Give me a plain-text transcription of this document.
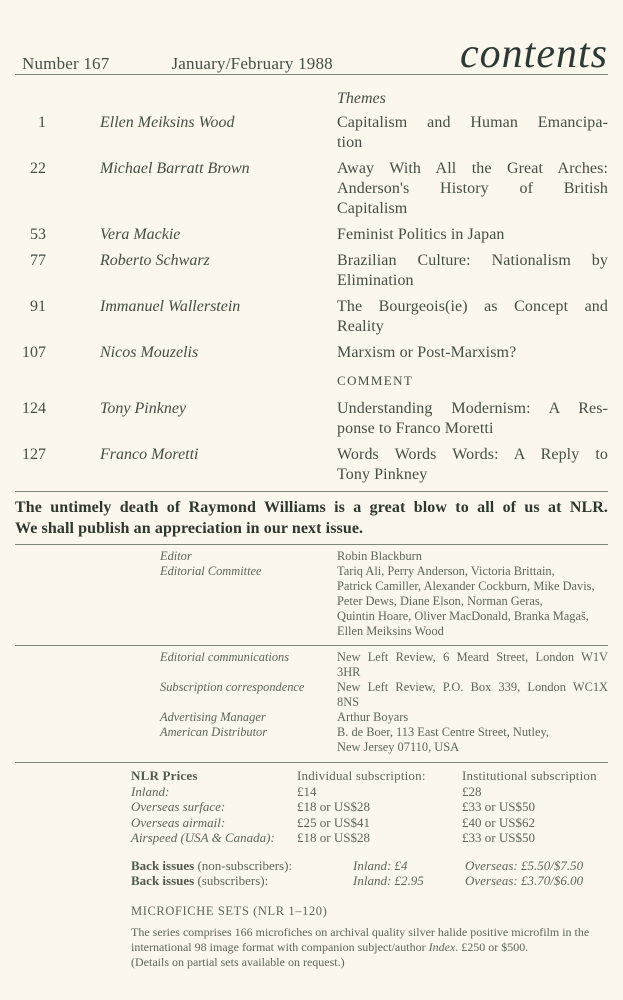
Number 167	January/February 1988	contents
Themes
1	Ellen Meiksins Wood	Capitalism and Human Emancipa-
tion
22	Michael Barratt Brown	Away With All the Great Arches:
Anderson's History of British
Capitalism
53	Vera Mackie	Feminist Politics in Japan
77	Roberto Schwarz	Brazilian Culture: Nationalism by
Elimination
91	Immanuel Wallerstein	The Bourgeois(ie) as Concept and
Reality
107	Nicos Mouzelis	Marxism or Post-Marxism?
COMMENT
124	Tony Pinkney	Understanding Modernism: A Res-
ponse to Franco Moretti
127	Franco Moretti	Words Words Words: A Reply to
Tony Pinkney
The untimely death of Raymond Williams is a great blow to all of us at NLR.
We shall publish an appreciation in our next issue.
Editor	Robin Blackburn
Editorial Committee	Tariq Ali, Perry Anderson, Victoria Brittain,
Patrick Camiller, Alexander Cockburn, Mike Davis,
Peter Dews, Diane Elson, Norman Geras,
Quintin Hoare, Oliver MacDonald, Branka Magaš,
Ellen Meiksins Wood
Editorial communications	New Left Review, 6 Meard Street, London W1V
3HR
Subscription correspondence	New Left Review, P.O. Box 339, London WC1X
8NS
Advertising Manager	Arthur Boyars
American Distributor	B. de Boer, 113 East Centre Street, Nutley,
New Jersey 07110, USA
NLR Prices	Individual subscription:	Institutional subscription
Inland:	£14	£28
Overseas surface:	£18 or US$28	£33 or US$50
Overseas airmail:	£25 or US$41	£40 or US$62
Airspeed (USA & Canada):	£18 or US$28	£33 or US$50
Back issues (non-subscribers):	Inland: £4	Overseas: £5.50/$7.50
Back issues (subscribers):	Inland: £2.95	Overseas: £3.70/$6.00
MICROFICHE SETS (NLR 1–120)

The series comprises 166 microfiches on archival quality silver halide positive microfilm in the international 98 image format with companion subject/author Index. £250 or $500.

(Details on partial sets available on request.)
